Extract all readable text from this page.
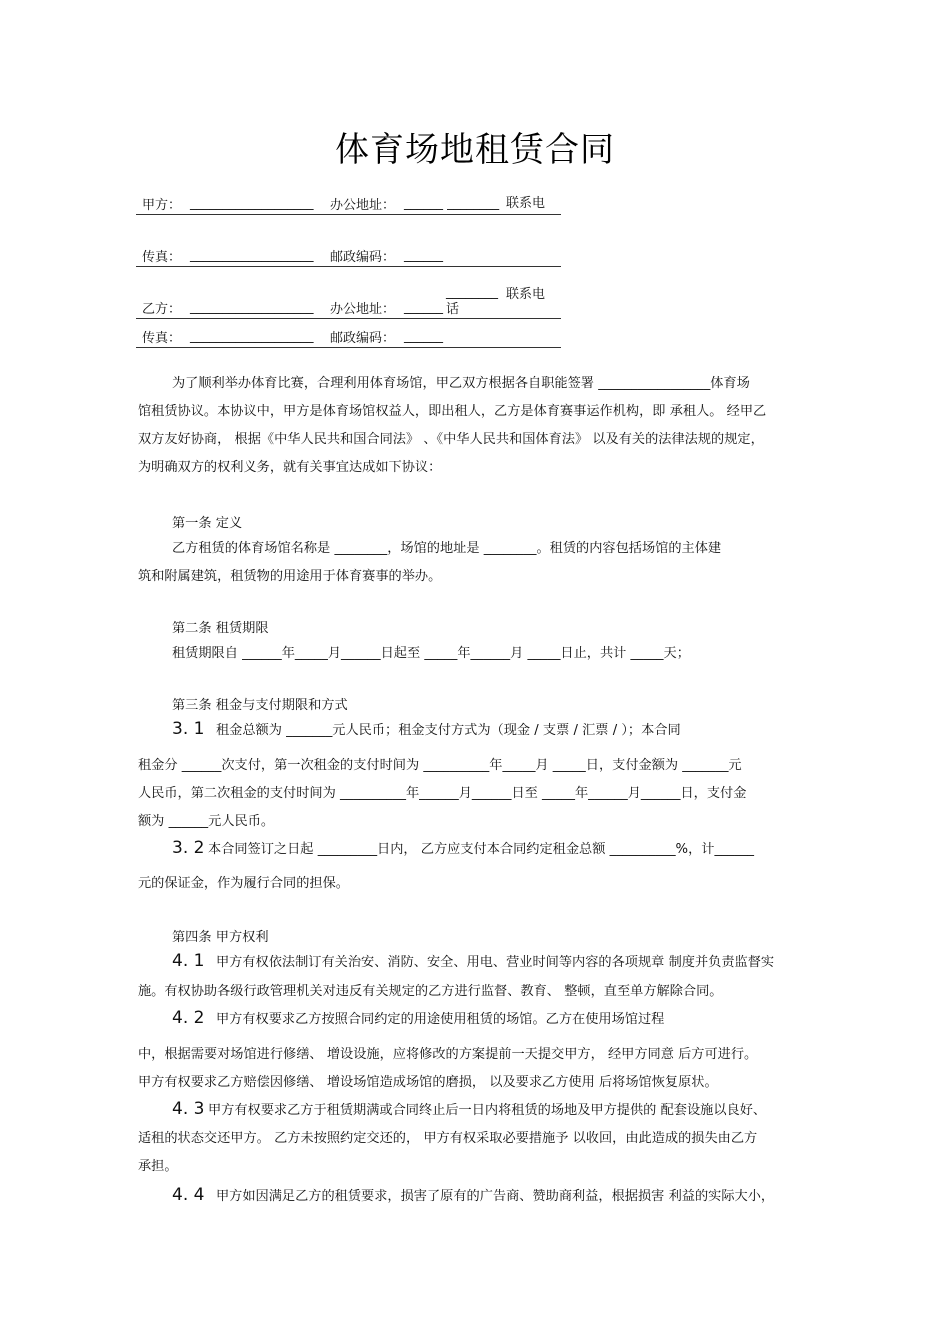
体育场地租赁合同
甲方： ___________________ 办公地址： ______ ________ 联系电
传真： ___________________ 邮政编码： ______
________ 联系电
乙方： ___________________ 办公地址： ______ 话
传真： ___________________ 邮政编码： ______
为了顺利举办体育比赛，合理利用体育场馆，甲乙双方根据各自职能签署 _________________体育场
馆租赁协议。本协议中，甲方是体育场馆权益人，即出租人，乙方是体育赛事运作机构，即 承租人。 经甲乙
双方友好协商， 根据《中华人民共和国合同法》 、《中华人民共和国体育法》 以及有关的法律法规的规定，
为明确双方的权利义务，就有关事宜达成如下协议：
第一条 定义
乙方租赁的体育场馆名称是 ________，场馆的地址是 ________。租赁的内容包括场馆的主体建
筑和附属建筑，租赁物的用途用于体育赛事的举办。
第二条 租赁期限
租赁期限自 ______年_____月______日起至 _____年______月 _____日止，共计 _____天；
第三条 租金与支付期限和方式
3. 1 租金总额为 _______元人民币；租金支付方式为（现金 / 支票 / 汇票 / ）；本合同
租金分 ______次支付，第一次租金的支付时间为 __________年_____月 _____日，支付金额为 _______元
人民币，第二次租金的支付时间为 __________年______月______日至 _____年______月______日，支付金
额为 ______元人民币。
3. 2 本合同签订之日起 _________日内， 乙方应支付本合同约定租金总额 __________%，计______
元的保证金，作为履行合同的担保。
第四条 甲方权利
4. 1 甲方有权依法制订有关治安、消防、安全、用电、营业时间等内容的各项规章 制度并负责监督实
施。有权协助各级行政管理机关对违反有关规定的乙方进行监督、教育、 整顿，直至单方解除合同。
4. 2 甲方有权要求乙方按照合同约定的用途使用租赁的场馆。乙方在使用场馆过程
中，根据需要对场馆进行修缮、 增设设施，应将修改的方案提前一天提交甲方， 经甲方同意 后方可进行。
甲方有权要求乙方赔偿因修缮、 增设场馆造成场馆的磨损， 以及要求乙方使用 后将场馆恢复原状。
4. 3 甲方有权要求乙方于租赁期满或合同终止后一日内将租赁的场地及甲方提供的 配套设施以良好、
适租的状态交还甲方。 乙方未按照约定交还的， 甲方有权采取必要措施予 以收回，由此造成的损失由乙方
承担。
4. 4 甲方如因满足乙方的租赁要求，损害了原有的广告商、赞助商利益，根据损害 利益的实际大小，
